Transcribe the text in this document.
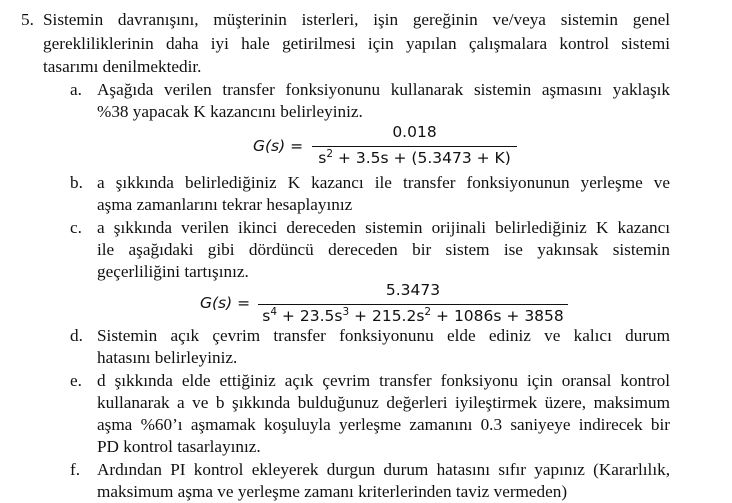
5. Sistemin davranışını, müşterinin isterleri, işin gereğinin ve/veya sistemin genel
gerekliliklerinin daha iyi hale getirilmesi için yapılan çalışmalara kontrol sistemi
tasarımı denilmektedir.
a. Aşağıda verilen transfer fonksiyonunu kullanarak sistemin aşmasını yaklaşık
%38 yapacak K kazancını belirleyiniz.
G(s) =
0.018
$s^2 + 3.5s + (5.3473 + K)$
b. a şıkkında belirlediğiniz K kazancı ile transfer fonksiyonunun yerleşme ve
aşma zamanlarını tekrar hesaplayınız
c. a şıkkında verilen ikinci dereceden sistemin orijinali belirlediğiniz K kazancı
ile aşağıdaki gibi dördüncü dereceden bir sistem ise yakınsak sistemin
geçerliliğini tartışınız.
G(s) =
5.3473
$s^4 + 23.5s^3 + 215.2s^2 + 1086s + 3858$
d. Sistemin açık çevrim transfer fonksiyonunu elde ediniz ve kalıcı durum
hatasını belirleyiniz.
e. d şıkkında elde ettiğiniz açık çevrim transfer fonksiyonu için oransal kontrol
kullanarak a ve b şıkkında bulduğunuz değerleri iyileştirmek üzere, maksimum
aşma %60’ı aşmamak koşuluyla yerleşme zamanını 0.3 saniyeye indirecek bir
PD kontrol tasarlayınız.
f. Ardından PI kontrol ekleyerek durgun durum hatasını sıfır yapınız (Kararlılık,
maksimum aşma ve yerleşme zamanı kriterlerinden taviz vermeden)
